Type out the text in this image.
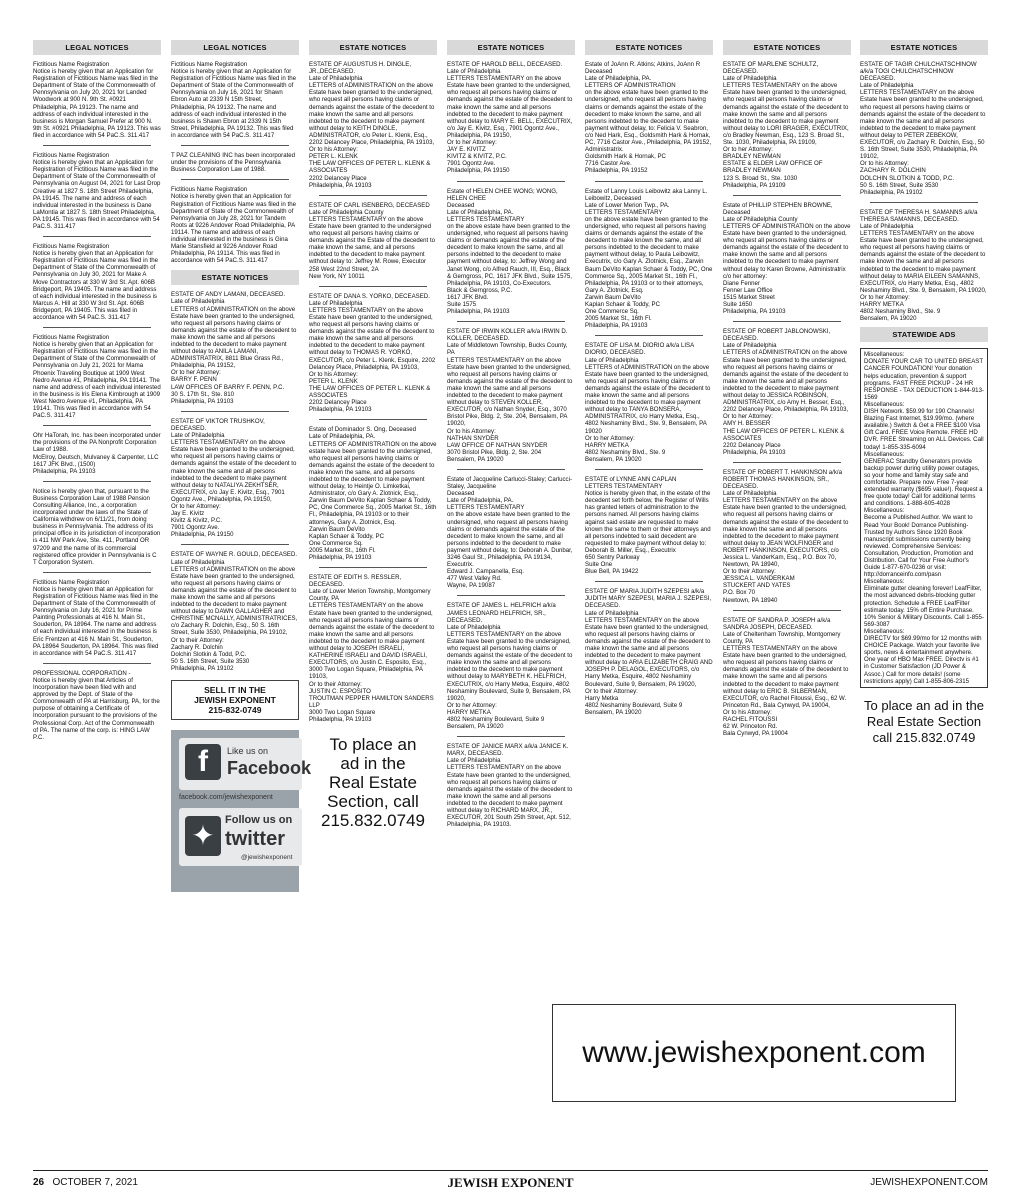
LEGAL NOTICES
Fictitious Name Registration
Notice is hereby given that an Application for Registration of Fictitious Name was filed in the Department of State of the Commonwealth of Pennsylvania on July 20, 2021 for Landed Woodwork at 900 N. 9th St. #0921 Philadelphia, PA 19123. The name and address of each individual interested in the business is Morgan Samuel Prefer at 900 N. 9th St. #0921 Philadelphia, PA 19123. This was filed in accordance with 54 PaC.S. 311.417
Fictitious Name Registration
Notice is hereby given that an Application for Registration of Fictitious Name was filed in the Department of State of the Commonwealth of Pennsylvania on August 04, 2021 for Last Drop Creative at 1827 S. 18th Street Philadelphia, PA 19145. The name and address of each individual interested in the business is Dane LaMontia at 1827 S. 18th Street Philadelphia, PA 19145. This was filed in accordance with 54 PaC.S. 311.417
Fictitious Name Registration
Notice is hereby given that an Application for Registration of Fictitious Name was filed in the Department of State of the Commonwealth of Pennsylvania on July 30, 2021 for Make A Move Contractors at 330 W 3rd St. Apt. 606B Bridgeport, PA 19405. The name and address of each individual interested in the business is Marcus A. Hill at 330 W 3rd St. Apt. 606B Bridgeport, PA 19405. This was filed in accordance with 54 PaC.S. 311.417
Fictitious Name Registration
Notice is hereby given that an Application for Registration of Fictitious Name was filed in the Department of State of the Commonwealth of Pennsylvania on July 21, 2021 for Mama Phoenix Traveling Boutique at 1909 West Nedro Avenue #1, Philadelphia, PA 19141. The name and address of each individual interested in the business is Iris Elena Kimbrough at 1909 West Nedro Avenue #1, Philadelphia, PA 19141. This was filed in accordance with 54 PaC.S. 311.417
Ohr HaTorah, Inc. has been incorporated under the provisions of the PA Nonprofit Corporation Law of 1988.
McElroy, Deutsch, Mulvaney & Carpenter, LLC
1617 JFK Blvd., (1500)
Philadelphia, PA 19103
Notice is hereby given that, pursuant to the Business Corporation Law of 1988 Pension Consulting Alliance, Inc., a corporation incorporated under the laws of the State of California withdrew on 6/11/21, from doing business in Pennsylvania. The address of its principal office in its jurisdiction of incorporation is 411 NW Park Ave, Ste. 411, Portland OR 97209 and the name of its commercial registered office provider in Pennsylvania is C T Corporation System.
Fictitious Name Registration
Notice is hereby given that an Application for Registration of Fictitious Name was filed in the Department of State of the Commonwealth of Pennsylvania on July 16, 2021 for Prime Painting Professionals at 416 N. Main St., Souderton, PA 18964. The name and address of each individual interested in the business is Eric Frentzen at 416 N. Main St., Souderton, PA 18964 Souderton, PA 18964. This was filed in accordance with 54 PaC.S. 311.417
PROFESSIONAL CORPORATION -
Notice is hereby given that Articles of Incorporation have been filed with and approved by the Dept. of State of the Commonwealth of PA at Harrisburg, PA, for the purpose of obtaining a Certificate of Incorporation pursuant to the provisions of the Professional Corp. Act of the Commonwealth of PA. The name of the corp. is: HING LAW P.C.
LEGAL NOTICES
Fictitious Name Registration
Notice is hereby given that an Application for Registration of Fictitious Name was filed in the Department of State of the Commonwealth of Pennsylvania on July 16, 2021 for Shawn Ebron Auto at 2339 N 15th Street, Philadelphia, PA 19132. The name and address of each individual interested in the business is Shawn Ebron at 2339 N 15th Street, Philadelphia, PA 19132. This was filed in accordance with 54 PaC.S. 311.417
T PAZ CLEANING INC has been incorporated under the provisions of the Pennsylvania Business Corporation Law of 1988.
Fictitious Name Registration
Notice is hereby given that an Application for Registration of Fictitious Name was filed in the Department of State of the Commonwealth of Pennsylvania on July 28, 2021 for Tandem Roots at 9226 Andover Road Philadelphia, PA 19114. The name and address of each individual interested in the business is Gina Marie Stansfield at 9226 Andover Road Philadelphia, PA 19114. This was filed in accordance with 54 PaC.S. 311.417
ESTATE NOTICES
ESTATE OF ANDY LAMANI, DECEASED.
Late of Philadelphia
LETTERS of ADMINISTRATION on the above Estate have been granted to the undersigned, who request all persons having claims or demands against the estate of the decedent to make known the same and all persons indebted to the decedent to make payment without delay to ANILA LAMANI, ADMINISTRATRIX, 8811 Blue Grass Rd., Philadelphia, PA 19152,
Or to her Attorney:
BARRY F. PENN
LAW OFFICES OF BARRY F. PENN, P.C.
30 S. 17th St., Ste. 810
Philadelphia, PA 19103
ESTATE OF VIKTOR TRUSHKOV, DECEASED.
Late of Philadelphia
LETTERS TESTAMENTARY on the above Estate have been granted to the undersigned, who request all persons having claims or demands against the estate of the decedent to make known the same and all persons indebted to the decedent to make payment without delay to NATALIYA ZEKHTSER, EXECUTRIX, c/o Jay E. Kivitz, Esq., 7901 Ogontz Ave., Philadelphia, PA 19150,
Or to her Attorney:
Jay E. Kivitz
Kivitz & Kivitz, P.C.
7901 Ogontz Ave.
Philadelphia, PA 19150
ESTATE OF WAYNE R. GOULD, DECEASED.
Late of Philadelphia
LETTERS of ADMINISTRATION on the above Estate have been granted to the undersigned, who request all persons having claims or demands against the estate of the decedent to make known the same and all persons indebted to the decedent to make payment without delay to DAWN GALLAGHER and CHRISTINE MCNALLY, ADMINISTRATRICES, c/o Zachary R. Dolchin, Esq., 50 S. 16th Street, Suite 3530, Philadelphia, PA 19102,
Or to their Attorney:
Zachary R. Dolchin
Dolchin Slotkin & Todd, P.C.
50 S. 16th Street, Suite 3530
Philadelphia, PA 19102
SELL IT IN THE
JEWISH EXPONENT
215-832-0749
f	Like us on
Facebook
facebook.com/jewishexponent
✦ Follow us on
twitter
@jewishexponent
ESTATE NOTICES
ESTATE OF AUGUSTUS H. DINGLE, JR.,DECEASED.
Late of Philadelphia
LETTERS of ADMINISTRATION on the above Estate have been granted to the undersigned, who request all persons having claims or demands against the estate of the decedent to make known the same and all persons indebted to the decedent to make payment without delay to KEITH DINGLE, ADMINISTRATOR, c/o Peter L. Klenk, Esq., 2202 Delancey Place, Philadelphia, PA 19103,
Or to his Attorney:
PETER L. KLENK
THE LAW OFFICES OF PETER L. KLENK & ASSOCIATES
2202 Delancey Place
Philadelphia, PA 19103
ESTATE OF CARL ISENBERG, DECEASED
Late of Philadelphia County
LETTERS TESTAMENTARY on the above Estate have been granted to the undersigned who request all persons having claims or demands against the Estate of the decedent to make known the same, and all persons indebted to the decedent to make payment without delay to: Jeffrey M. Rowe, Executor
258 West 22nd Street, 2A
New York, NY 10011
ESTATE OF DANA S. YORKO, DECEASED.
Late of Philadelphia
LETTERS TESTAMENTARY on the above Estate have been granted to the undersigned, who request all persons having claims or demands against the estate of the decedent to make known the same and all persons indebted to the decedent to make payment without delay to THOMAS R. YORKO, EXECUTOR, c/o Peter L. Klenk, Esquire, 2202 Delancey Place, Philadelphia, PA 19103,
Or to his Attorney:
PETER L. KLENK
THE LAW OFFICES OF PETER L. KLENK & ASSOCIATES
2202 Delancey Place
Philadelphia, PA 19103
Estate of Dominador S. Ong, Deceased
Late of Philadelphia, PA.
LETTERS OF ADMINISTRATION on the above estate have been granted to the undersigned, who request all persons having claims or demands against the estate of the decedent to make known the same, and all persons indebted to the decedent to make payment without delay, to Heintje O. Limketkai, Administrator, c/o Gary A. Zlotnick, Esq., Zarwin Baum DeVito Kaplan Schaer & Toddy, PC, One Commerce Sq., 2005 Market St., 16th Fl., Philadelphia, PA 19103 or to their attorneys, Gary A. Zlotnick, Esq.
Zarwin Baum DeVito
Kaplan Schaer & Toddy, PC
One Commerce Sq.
2005 Market St., 16th Fl.
Philadelphia, PA 19103
ESTATE OF EDITH S. RESSLER, DECEASED.
Late of Lower Merion Township, Montgomery County, PA
LETTERS TESTAMENTARY on the above Estate have been granted to the undersigned, who request all persons having claims or demands against the estate of the decedent to make known the same and all persons indebted to the decedent to make payment without delay to JOSEPH ISRAELI, KATHERINE ISRAELI and DAVID ISRAELI, EXECUTORS, c/o Justin C. Esposito, Esq., 3000 Two Logan Square, Philadelphia, PA 19103,
Or to their Attorney:
JUSTIN C. ESPOSITO
TROUTMAN PEPPER HAMILTON SANDERS LLP
3000 Two Logan Square
Philadelphia, PA 19103
To place an
ad in the
Real Estate
Section, call
215.832.0749
ESTATE NOTICES
ESTATE OF HAROLD BELL, DECEASED.
Late of Philadelphia
LETTERS TESTAMENTARY on the above Estate have been granted to the undersigned, who request all persons having claims or demands against the estate of the decedent to make known the same and all persons indebted to the decedent to make payment without delay to MARY E. BELL, EXECUTRIX, c/o Jay E. Kivitz, Esq., 7901 Ogontz Ave., Philadelphia, PA 19150,
Or to her Attorney:
JAY E. KIVITZ
KIVITZ & KIVITZ, P.C.
7901 Ogontz Ave.
Philadelphia, PA 19150
Estate of HELEN CHEE WONG; WONG, HELEN CHEE
Deceased
Late of Philadelphia, PA.
LETTERS TESTAMENTARY
on the above estate have been granted to the undersigned, who request all persons having claims or demands against the estate of the decedent to make known the same, and all persons indebted to the decedent to make payment without delay, to: Jeffrey Wong and Janet Wong, c/o Alfred Rauch, III, Esq., Black & Gerngross, PC, 1617 JFK Blvd., Suite 1575, Philadelphia, PA 19103, Co-Executors.
Black & Gerngross, P.C.
1617 JFK Blvd.
Suite 1575
Philadelphia, PA 19103
ESTATE OF IRWIN KOLLER a/k/a IRWIN D. KOLLER, DECEASED.
Late of Middletown Township, Bucks County, PA
LETTERS TESTAMENTARY on the above Estate have been granted to the undersigned, who request all persons having claims or demands against the estate of the decedent to make known the same and all persons indebted to the decedent to make payment without delay to STEVEN KOLLER, EXECUTOR, c/o Nathan Snyder, Esq., 3070 Bristol Pike, Bldg. 2, Ste. 204, Bensalem, PA 19020,
Or to his Attorney:
NATHAN SNYDER
LAW OFFICE OF NATHAN SNYDER
3070 Bristol Pike, Bldg. 2, Ste. 204
Bensalem, PA 19020
Estate of Jacqueline Carlucci-Staley; Carlucci-Staley, Jacqueline
Deceased
Late of Philadelphia, PA.
LETTERS TESTAMENTARY
on the above estate have been granted to the undersigned, who request all persons having claims or demands against the estate of the decedent to make known the same, and all persons indebted to the decedent to make payment without delay, to: Deborah A. Dunbar, 3246 Gaul St., Philadelphia, PA 19134, Executrix.
Edward J. Campanella, Esq.
477 West Valley Rd.
Wayne, PA 19087
ESTATE OF JAMES L. HELFRICH a/k/a JAMES LEONARD HELFRICH, SR., DECEASED.
Late of Philadelphia
LETTERS TESTAMENTARY on the above Estate have been granted to the undersigned, who request all persons having claims or demands against the estate of the decedent to make known the same and all persons indebted to the decedent to make payment without delay to MARYBETH K. HELFRICH, EXECUTRIX, c/o Harry Metka, Esquire, 4802 Neshaminy Boulevard, Suite 9, Bensalem, PA 19020,
Or to her Attorney:
HARRY METKA
4802 Neshaminy Boulevard, Suite 9
Bensalem, PA 19020
ESTATE OF JANICE MARX a/k/a JANICE K. MARX, DECEASED.
Late of Philadelphia
LETTERS TESTAMENTARY on the above Estate have been granted to the undersigned, who request all persons having claims or demands against the estate of the decedent to make known the same and all persons indebted to the decedent to make payment without delay to RICHARD MARX, JR., EXECUTOR, 201 South 25th Street, Apt. 512, Philadelphia, PA 19103.
ESTATE NOTICES
Estate of JoAnn R. Atkins; Atkins, JoAnn R
Deceased
Late of Philadelphia, PA.
LETTERS OF ADMINISTRATION
on the above estate have been granted to the undersigned, who request all persons having claims or demands against the estate of the decedent to make known the same, and all persons indebted to the decedent to make payment without delay, to: Felicia V. Seabron, c/o Ned Hark, Esq., Goldsmith Hark & Hornak, PC, 7716 Castor Ave., Philadelphia, PA 19152, Administratrix.
Goldsmith Hark & Hornak, PC
7716 Castor Ave.
Philadelphia, PA 19152
Estate of Lanny Louis Leibowitz aka Lanny L. Leibowitz, Deceased
Late of Lower Merion Twp., PA.
LETTERS TESTAMENTARY
on the above estate have been granted to the undersigned, who request all persons having claims or demands against the estate of the decedent to make known the same, and all persons indebted to the decedent to make payment without delay, to Paula Leibowitz, Executrix, c/o Gary A. Zlotnick, Esq., Zarwin Baum DeVito Kaplan Schaer & Toddy, PC, One Commerce Sq., 2005 Market St., 16th Fl., Philadelphia, PA 19103 or to their attorneys,
Gary A. Zlotnick, Esq.
Zarwin Baum DeVito
Kaplan Schaer & Toddy, PC
One Commerce Sq.
2005 Market St., 16th Fl.
Philadelphia, PA 19103
ESTATE OF LISA M. DIORIO a/k/a LISA DIORIO, DECEASED.
Late of Philadelphia
LETTERS of ADMINISTRATION on the above Estate have been granted to the undersigned, who request all persons having claims or demands against the estate of the decedent to make known the same and all persons indebted to the decedent to make payment without delay to TANYA BONSERA, ADMINISTRATRIX, c/o Harry Metka, Esq., 4802 Neshaminy Blvd., Ste. 9, Bensalem, PA 19020
Or to her Attorney:
HARRY METKA
4802 Neshaminy Blvd., Ste. 9
Bensalem, PA 19020
ESTATE of LYNNE ANN CAPLAN
LETTERS TESTAMENTARY
Notice is hereby given that, in the estate of the decedent set forth below, the Register of Wills has granted letters of administration to the persons named. All persons having claims against said estate are requested to make known the same to them or their attorneys and all persons indebted to said decedent are requested to make payment without delay to:
Deborah B. Miller, Esq., Executrix
650 Sentry Parkway
Suite One
Blue Bell, PA 19422
ESTATE OF MARIA JUDITH SZEPESI a/k/a JUDITH MARY SZEPESI, MARIA J. SZEPESI, DECEASED.
Late of Philadelphia
LETTERS TESTAMENTARY on the above Estate have been granted to the undersigned, who request all persons having claims or demands against the estate of the decedent to make known the same and all persons indebted to the decedent to make payment without delay to ARIA ELIZABETH CRAIG AND JOSEPH P. DELAGOL, EXECUTORS, c/o Harry Metka, Esquire, 4802 Neshaminy Boulevard, Suite 9, Bensalem, PA 19020,
Or to their Attorney:
Harry Metka
4802 Neshaminy Boulevard, Suite 9
Bensalem, PA 19020
ESTATE NOTICES
ESTATE OF MARLENE SCHULTZ, DECEASED.
Late of Philadelphia
LETTERS TESTAMENTARY on the above Estate have been granted to the undersigned, who request all persons having claims or demands against the estate of the decedent to make known the same and all persons indebted to the decedent to make payment without delay to LORI BRAGER, EXECUTRIX, c/o Bradley Newman, Esq., 123 S. Broad St., Ste. 1030, Philadelphia, PA 19109,
Or to her Attorney:
BRADLEY NEWMAN
ESTATE & ELDER LAW OFFICE OF BRADLEY NEWMAN
123 S. Broad St., Ste. 1030
Philadelphia, PA 19109
Estate of PHILLIP STEPHEN BROWNE, Deceased
Late of Philadelphia County
LETTERS OF ADMINISTRATION on the above Estate have been granted to the undersigned, who request all persons having claims or demands against the estate of the decedent to make known the same and all persons indebted to the decedent to make payment without delay to Karen Browne, Administratrix c/o her attorney:
Diane Fenner
Fenner Law Office
1515 Market Street
Suite 1650
Philadelphia, PA 19103
ESTATE OF ROBERT JABLONOWSKI, DECEASED.
Late of Philadelphia
LETTERS of ADMINISTRATION on the above Estate have been granted to the undersigned, who request all persons having claims or demands against the estate of the decedent to make known the same and all persons indebted to the decedent to make payment without delay to JESSICA ROBINSON, ADMINISTRATRIX, c/o Amy H. Besser, Esq., 2202 Delancey Place, Philadelphia, PA 19103,
Or to her Attorney:
AMY H. BESSER
THE LAW OFFICES OF PETER L. KLENK & ASSOCIATES
2202 Delancey Place
Philadelphia, PA 19103
ESTATE OF ROBERT T. HANKINSON a/k/a ROBERT THOMAS HANKINSON, SR., DECEASED.
Late of Philadelphia
LETTERS TESTAMENTARY on the above Estate have been granted to the undersigned, who request all persons having claims or demands against the estate of the decedent to make known the same and all persons indebted to the decedent to make payment without delay to JEAN WOLFINGER and ROBERT HANKINSON, EXECUTORS, c/o Jessica L. VanderKam, Esq., P.O. Box 70, Newtown, PA 18940,
Or to their Attorney:
JESSICA L. VANDERKAM
STUCKERT AND YATES
P.O. Box 70
Newtown, PA 18940
ESTATE OF SANDRA P. JOSEPH a/k/a SANDRA JOSEPH, DECEASED.
Late of Cheltenham Township, Montgomery County, PA
LETTERS TESTAMENTARY on the above Estate have been granted to the undersigned, who request all persons having claims or demands against the estate of the decedent to make known the same and all persons indebted to the decedent to make payment without delay to ERIC B. SILBERMAN, EXECUTOR, c/o Rachel Fitoussi, Esq., 62 W. Princeton Rd., Bala Cynwyd, PA 19004,
Or to his Attorney:
RACHEL FITOUSSI
62 W. Princeton Rd.
Bala Cynwyd, PA 19004
ESTATE NOTICES
ESTATE OF TAGIR CHULCHATSCHINOW a/k/a TOGI CHULCHATSCHINOW DECEASED.
Late of Philadelphia
LETTERS TESTAMENTARY on the above Estate have been granted to the undersigned, who request all persons having claims or demands against the estate of the decedent to make known the same and all persons indebted to the decedent to make payment without delay to PETER ZEBEKOW, EXECUTOR, c/o Zachary R. Dolchin, Esq., 50 S. 16th Street, Suite 3530, Philadelphia, PA 19102,
Or to his Attorney:
ZACHARY R. DOLCHIN
DOLCHIN SLOTKIN & TODD, P.C.
50 S. 16th Street, Suite 3530
Philadelphia, PA 19102
ESTATE OF THERESA H. SAMANNS a/k/a THERESA SAMANNS, DECEASED.
Late of Philadelphia
LETTERS TESTAMENTARY on the above Estate have been granted to the undersigned, who request all persons having claims or demands against the estate of the decedent to make known the same and all persons indebted to the decedent to make payment without delay to MARIA EILEEN SAMANNS, EXECUTRIX, c/o Harry Metka, Esq., 4802 Neshaminy Blvd., Ste. 9, Bensalem, PA 19020,
Or to her Attorney:
HARRY METKA
4802 Neshaminy Blvd., Ste. 9
Bensalem, PA 19020
STATEWIDE ADS
Miscellaneous:
DONATE YOUR CAR TO UNITED BREAST CANCER FOUNDATION! Your donation helps education, prevention & support programs. FAST FREE PICKUP - 24 HR RESPONSE - TAX DEDUCTION 1-844-913-1569
Miscellaneous:
DISH Network. $59.99 for 190 Channels! Blazing Fast Internet, $19.99/mo. (where available.) Switch & Get a FREE $100 Visa Gift Card. FREE Voice Remote. FREE HD DVR. FREE Streaming on ALL Devices. Call today! 1-855-335-6094
Miscellaneous:
GENERAC Standby Generators provide backup power during utility power outages, so your home and family stay safe and comfortable. Prepare now. Free 7-year extended warranty ($695 value!). Request a free quote today! Call for additional terms and conditions. 1-888-605-4028
Miscellaneous:
Become a Published Author. We want to Read Your Book! Dorrance Publishing-Trusted by Authors Since 1920 Book manuscript submissions currently being reviewed. Comprehensive Services: Consultation, Production, Promotion and Distribution. Call for Your Free Author's Guide 1-877-670-0236 or visit:
http://dorranceinfo.com/pasn
Miscellaneous:
Eliminate gutter cleaning forever! LeafFilter, the most advanced debris-blocking gutter protection. Schedule a FREE LeafFilter estimate today. 15% off Entire Purchase. 10% Senior & Military Discounts. Call 1-855-569-3087
Miscellaneous:
DIRECTV for $69.99/mo for 12 months with CHOICE Package. Watch your favorite live sports, news & entertainment anywhere. One year of HBO Max FREE. Directv is #1 in Customer Satisfaction (JD Power & Assoc.) Call for more details! (some restrictions apply) Call 1-855-806-2315
To place an ad in the
Real Estate Section
call 215.832.0749
www.jewishexponent.com
26 OCTOBER 7, 2021	JEWISH EXPONENT	JEWISHEXPONENT.COM
